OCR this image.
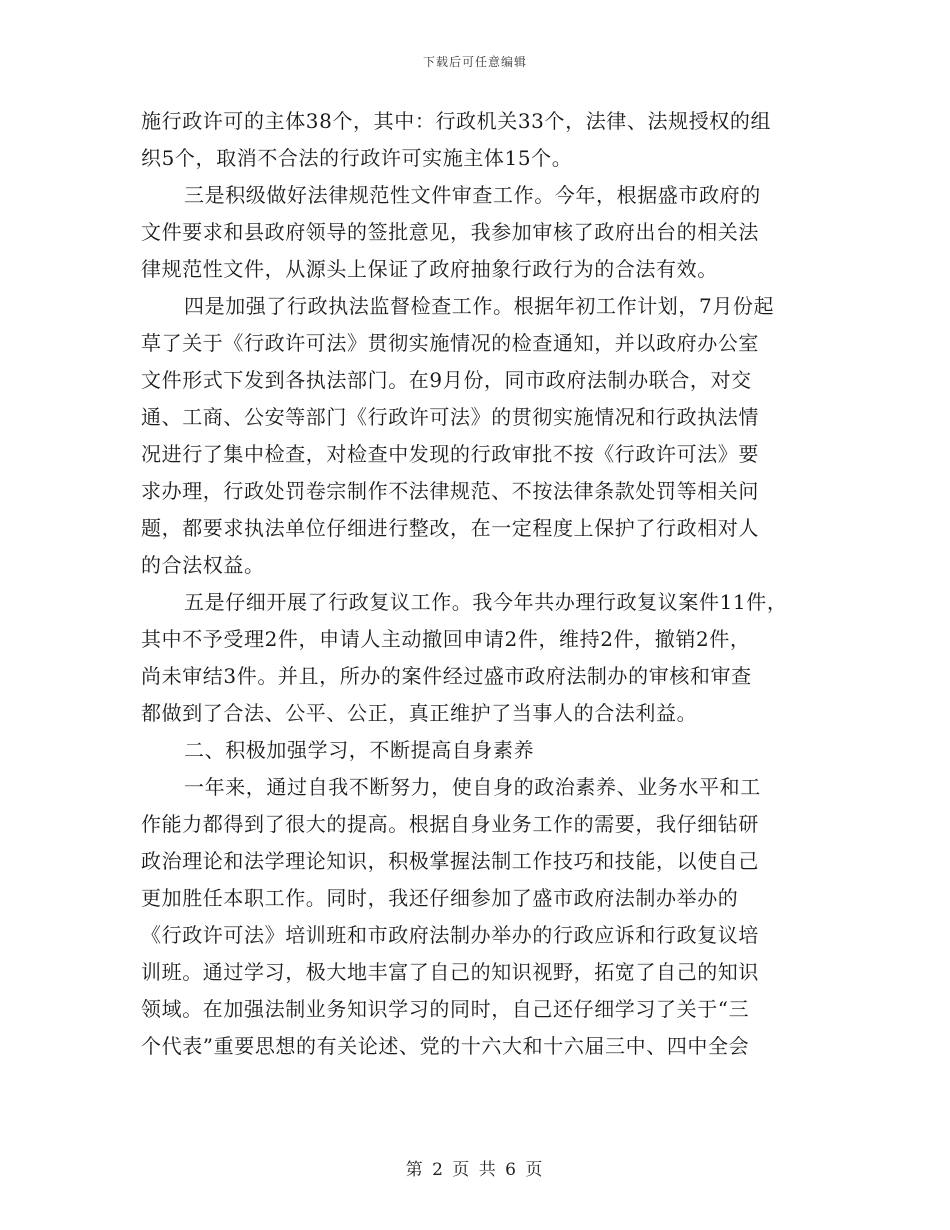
下载后可任意编辑
施行政许可的主体38个，其中：行政机关33个，法律、法规授权的组
织5个，取消不合法的行政许可实施主体15个。
三是积级做好法律规范性文件审查工作。今年，根据盛市政府的
文件要求和县政府领导的签批意见，我参加审核了政府出台的相关法
律规范性文件，从源头上保证了政府抽象行政行为的合法有效。
四是加强了行政执法监督检查工作。根据年初工作计划，7月份起
草了关于《行政许可法》贯彻实施情况的检查通知，并以政府办公室
文件形式下发到各执法部门。在9月份，同市政府法制办联合，对交
通、工商、公安等部门《行政许可法》的贯彻实施情况和行政执法情
况进行了集中检查，对检查中发现的行政审批不按《行政许可法》要
求办理，行政处罚卷宗制作不法律规范、不按法律条款处罚等相关问
题，都要求执法单位仔细进行整改，在一定程度上保护了行政相对人
的合法权益。
五是仔细开展了行政复议工作。我今年共办理行政复议案件11件，
其中不予受理2件，申请人主动撤回申请2件，维持2件，撤销2件，
尚未审结3件。并且，所办的案件经过盛市政府法制办的审核和审查
都做到了合法、公平、公正，真正维护了当事人的合法利益。
二、积极加强学习，不断提高自身素养
一年来，通过自我不断努力，使自身的政治素养、业务水平和工
作能力都得到了很大的提高。根据自身业务工作的需要，我仔细钻研
政治理论和法学理论知识，积极掌握法制工作技巧和技能，以使自己
更加胜任本职工作。同时，我还仔细参加了盛市政府法制办举办的
《行政许可法》培训班和市政府法制办举办的行政应诉和行政复议培
训班。通过学习，极大地丰富了自己的知识视野，拓宽了自己的知识
领域。在加强法制业务知识学习的同时，自己还仔细学习了关于“三
个代表”重要思想的有关论述、党的十六大和十六届三中、四中全会
第 2 页 共 6 页
